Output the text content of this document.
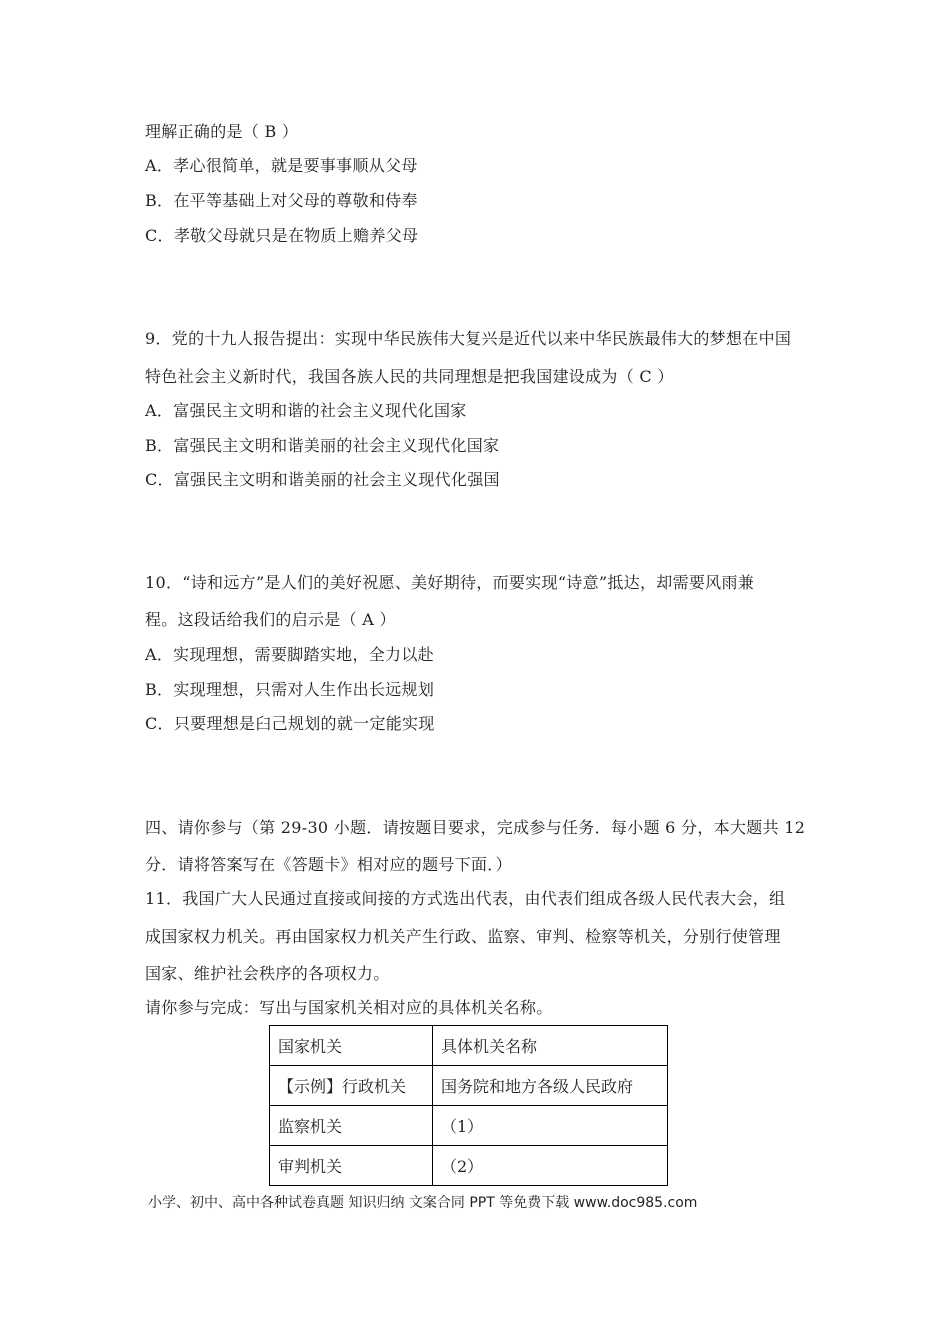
理解正确的是（ B ）
A．孝心很简单，就是要事事顺从父母
B．在平等基础上对父母的尊敬和侍奉
C．孝敬父母就只是在物质上赡养父母
9．党的十九人报告提出：实现中华民族伟大复兴是近代以来中华民族最伟大的梦想在中国
特色社会主义新时代，我国各族人民的共同理想是把我国建设成为（ C ）
A．富强民主文明和谐的社会主义现代化国家
B．富强民主文明和谐美丽的社会主义现代化国家
C．富强民主文明和谐美丽的社会主义现代化强国
10．“诗和远方”是人们的美好祝愿、美好期待，而要实现“诗意”抵达，却需要风雨兼
程。这段话给我们的启示是（ A ）
A．实现理想，需要脚踏实地，全力以赴
B．实现理想，只需对人生作出长远规划
C．只要理想是臼己规划的就一定能实现
四、请你参与（第 29-30 小题．请按题目要求，完成参与任务．每小题 6 分，本大题共 12
分．请将答案写在《答题卡》相对应的题号下面．）
11．我国广大人民通过直接或间接的方式选出代表，由代表们组成各级人民代表大会，组
成国家权力机关。再由国家权力机关产生行政、监察、审判、检察等机关，分别行使管理
国家、维护社会秩序的各项权力。
请你参与完成：写出与国家机关相对应的具体机关名称。
国家机关	具体机关名称
【示例】行政机关	国务院和地方各级人民政府
监察机关	（1）
审判机关	（2）
小学、初中、高中各种试卷真题 知识归纳 文案合同 PPT 等免费下载 www.doc985.com
